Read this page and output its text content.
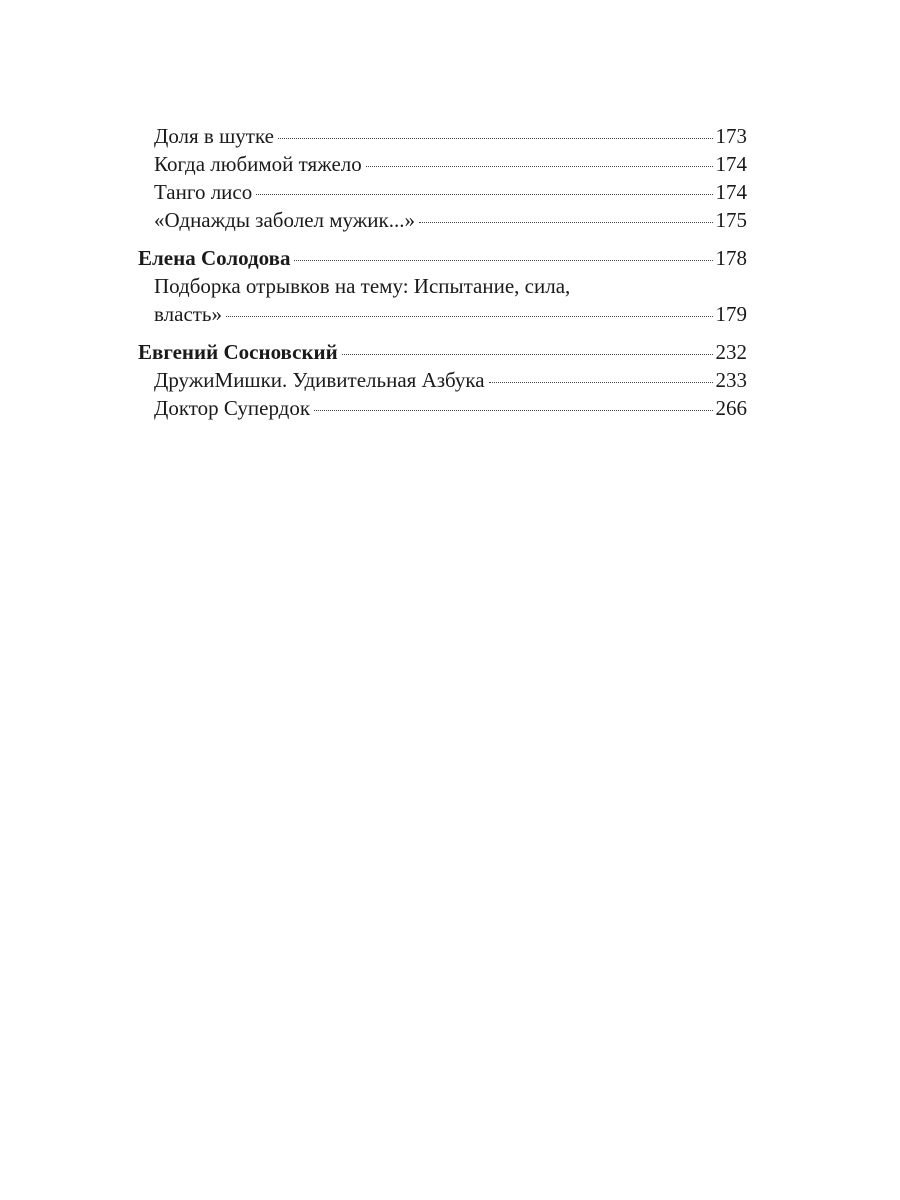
Доля в шутке	173
Когда любимой тяжело	174
Танго лисо	174
«Однажды заболел мужик...»	175
Елена Солодова	178
Подборка отрывков на тему: Испытание, сила,
власть»	179
Евгений Сосновский	232
ДружиМишки. Удивительная Азбука	233
Доктор Супердок	266
